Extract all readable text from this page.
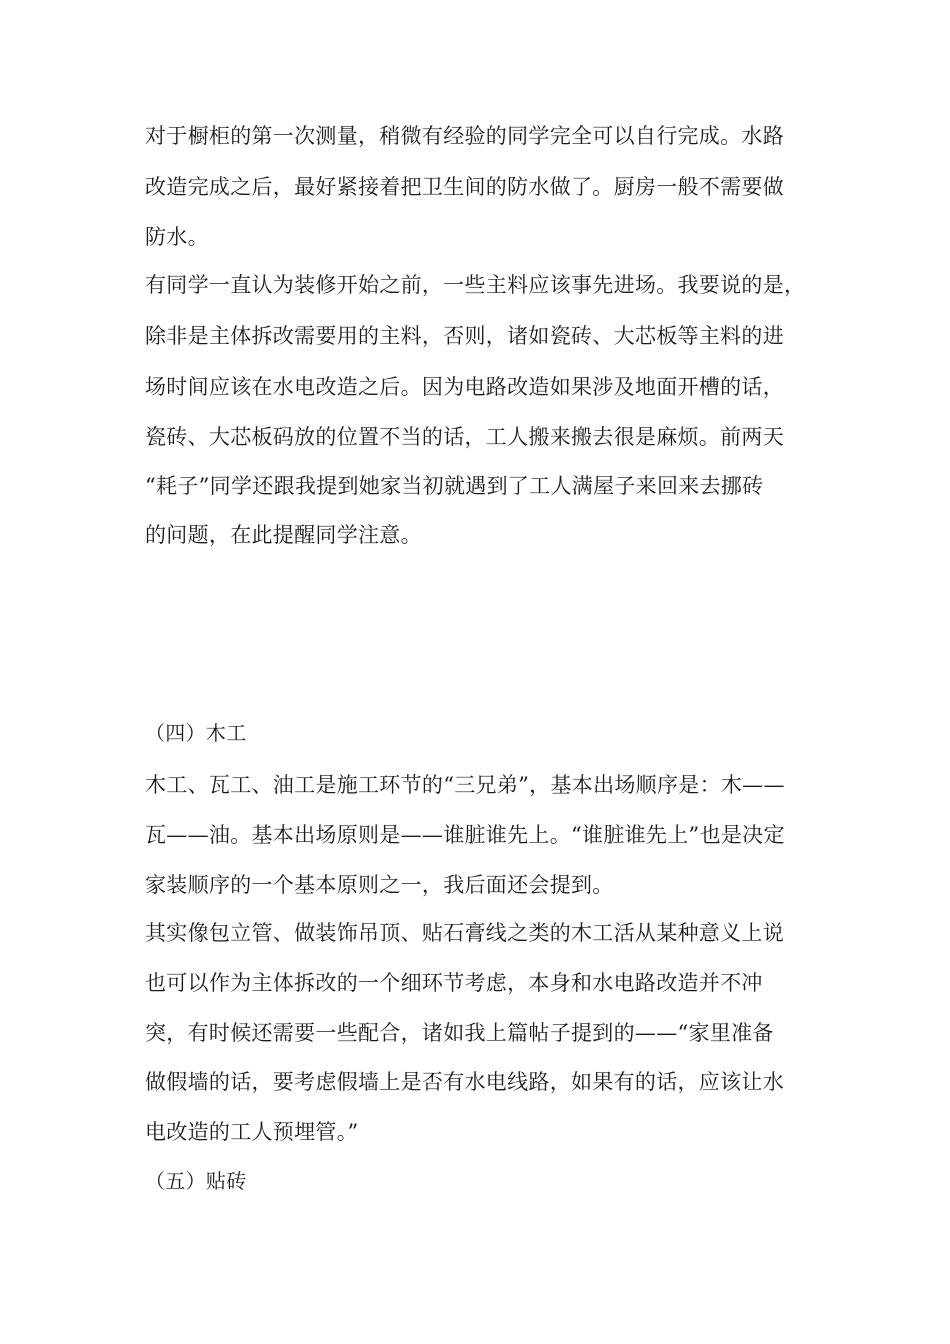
对于橱柜的第一次测量，稍微有经验的同学完全可以自行完成。水路
改造完成之后，最好紧接着把卫生间的防水做了。厨房一般不需要做
防水。
有同学一直认为装修开始之前，一些主料应该事先进场。我要说的是，
除非是主体拆改需要用的主料，否则，诸如瓷砖、大芯板等主料的进
场时间应该在水电改造之后。因为电路改造如果涉及地面开槽的话，
瓷砖、大芯板码放的位置不当的话，工人搬来搬去很是麻烦。前两天
“耗子”同学还跟我提到她家当初就遇到了工人满屋子来回来去挪砖
的问题，在此提醒同学注意。
（四）木工
木工、瓦工、油工是施工环节的“三兄弟”，基本出场顺序是：木——
瓦——油。基本出场原则是——谁脏谁先上。“谁脏谁先上”也是决定
家装顺序的一个基本原则之一，我后面还会提到。
其实像包立管、做装饰吊顶、贴石膏线之类的木工活从某种意义上说
也可以作为主体拆改的一个细环节考虑，本身和水电路改造并不冲
突，有时候还需要一些配合，诸如我上篇帖子提到的——“家里准备
做假墙的话，要考虑假墙上是否有水电线路，如果有的话，应该让水
电改造的工人预埋管。”
（五）贴砖
